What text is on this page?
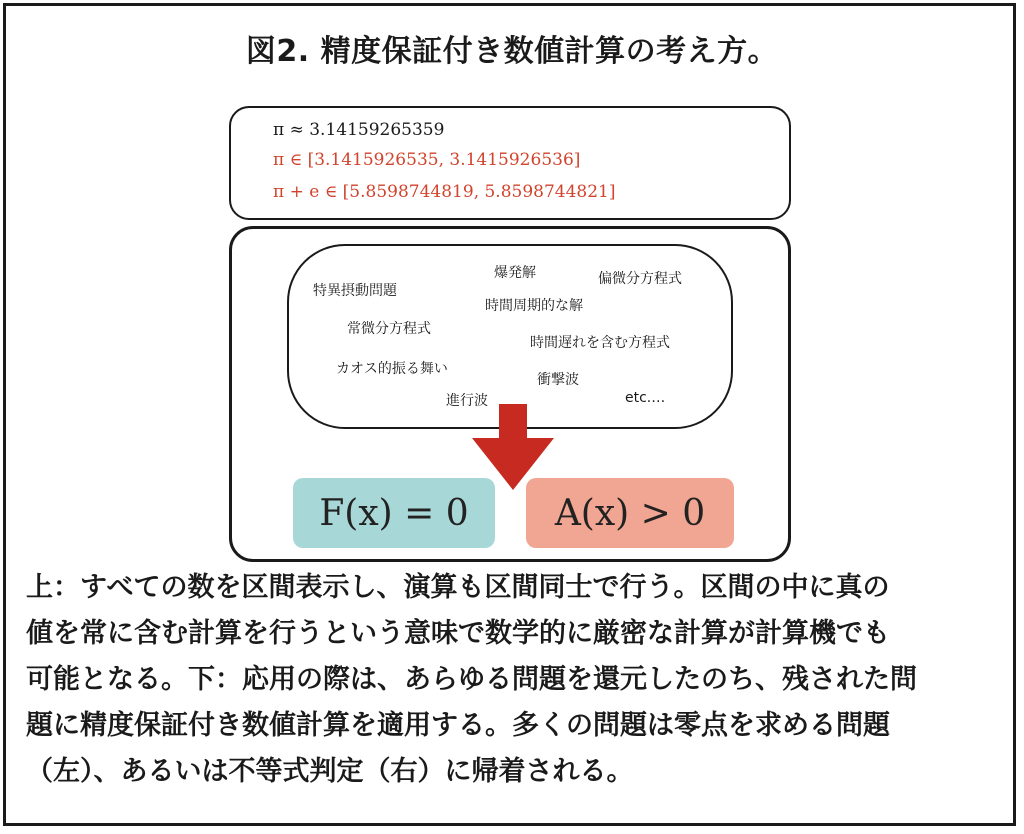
図2. 精度保証付き数値計算の考え方。
π ≈ 3.14159265359
π ∈ [3.1415926535, 3.1415926536]
π + e ∈ [5.8598744819, 5.8598744821]
特異摂動問題
爆発解	偏微分方程式
時間周期的な解
常微分方程式
時間遅れを含む方程式
カオス的振る舞い
衝撃波
進行波	etc.…
F(x) = 0	A(x) > 0
上：すべての数を区間表示し、演算も区間同士で行う。区間の中に真の
値を常に含む計算を行うという意味で数学的に厳密な計算が計算機でも
可能となる。下：応用の際は、あらゆる問題を還元したのち、残された問
題に精度保証付き数値計算を適用する。多くの問題は零点を求める問題
（左）、あるいは不等式判定（右）に帰着される。
